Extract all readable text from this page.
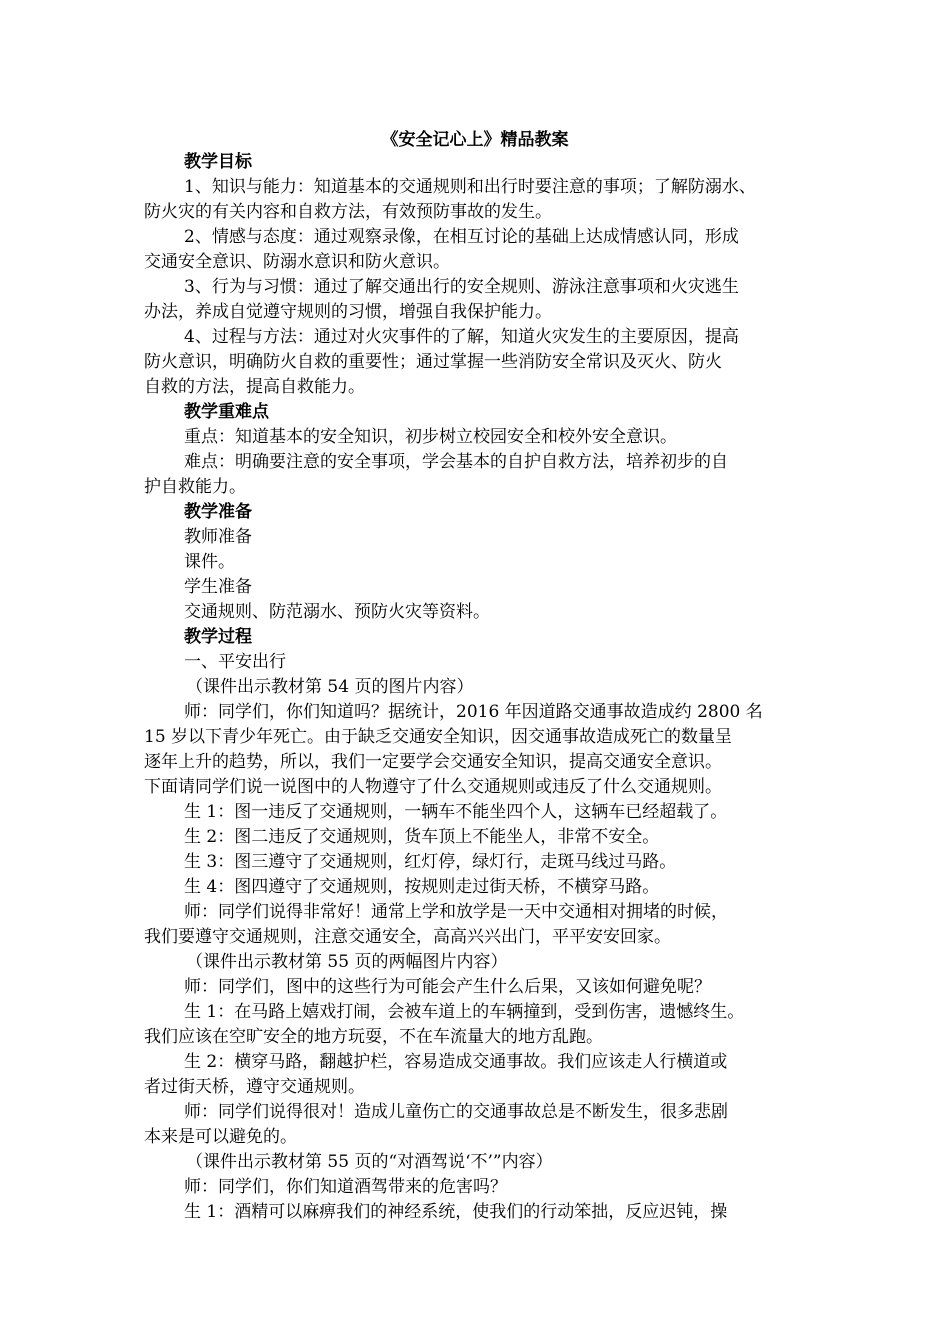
《安全记心上》精品教案
教学目标
1、知识与能力：知道基本的交通规则和出行时要注意的事项；了解防溺水、
防火灾的有关内容和自救方法，有效预防事故的发生。
2、情感与态度：通过观察录像，在相互讨论的基础上达成情感认同，形成
交通安全意识、防溺水意识和防火意识。
3、行为与习惯：通过了解交通出行的安全规则、游泳注意事项和火灾逃生
办法，养成自觉遵守规则的习惯，增强自我保护能力。
4、过程与方法：通过对火灾事件的了解，知道火灾发生的主要原因，提高
防火意识，明确防火自救的重要性；通过掌握一些消防安全常识及灭火、防火
自救的方法，提高自救能力。
教学重难点
重点：知道基本的安全知识，初步树立校园安全和校外安全意识。
难点：明确要注意的安全事项，学会基本的自护自救方法，培养初步的自
护自救能力。
教学准备
教师准备
课件。
学生准备
交通规则、防范溺水、预防火灾等资料。
教学过程
一、平安出行
（课件出示教材第 54 页的图片内容）
师：同学们，你们知道吗？据统计，2016 年因道路交通事故造成约 2800 名
15 岁以下青少年死亡。由于缺乏交通安全知识，因交通事故造成死亡的数量呈
逐年上升的趋势，所以，我们一定要学会交通安全知识，提高交通安全意识。
下面请同学们说一说图中的人物遵守了什么交通规则或违反了什么交通规则。
生 1：图一违反了交通规则，一辆车不能坐四个人，这辆车已经超载了。
生 2：图二违反了交通规则，货车顶上不能坐人，非常不安全。
生 3：图三遵守了交通规则，红灯停，绿灯行，走斑马线过马路。
生 4：图四遵守了交通规则，按规则走过街天桥，不横穿马路。
师：同学们说得非常好！通常上学和放学是一天中交通相对拥堵的时候，
我们要遵守交通规则，注意交通安全，高高兴兴出门，平平安安回家。
（课件出示教材第 55 页的两幅图片内容）
师：同学们，图中的这些行为可能会产生什么后果，又该如何避免呢？
生 1：在马路上嬉戏打闹，会被车道上的车辆撞到，受到伤害，遗憾终生。
我们应该在空旷安全的地方玩耍，不在车流量大的地方乱跑。
生 2：横穿马路，翻越护栏，容易造成交通事故。我们应该走人行横道或
者过街天桥，遵守交通规则。
师：同学们说得很对！造成儿童伤亡的交通事故总是不断发生，很多悲剧
本来是可以避免的。
（课件出示教材第 55 页的“对酒驾说‘不’”内容）
师：同学们，你们知道酒驾带来的危害吗？
生 1：酒精可以麻痹我们的神经系统，使我们的行动笨拙，反应迟钝，操
